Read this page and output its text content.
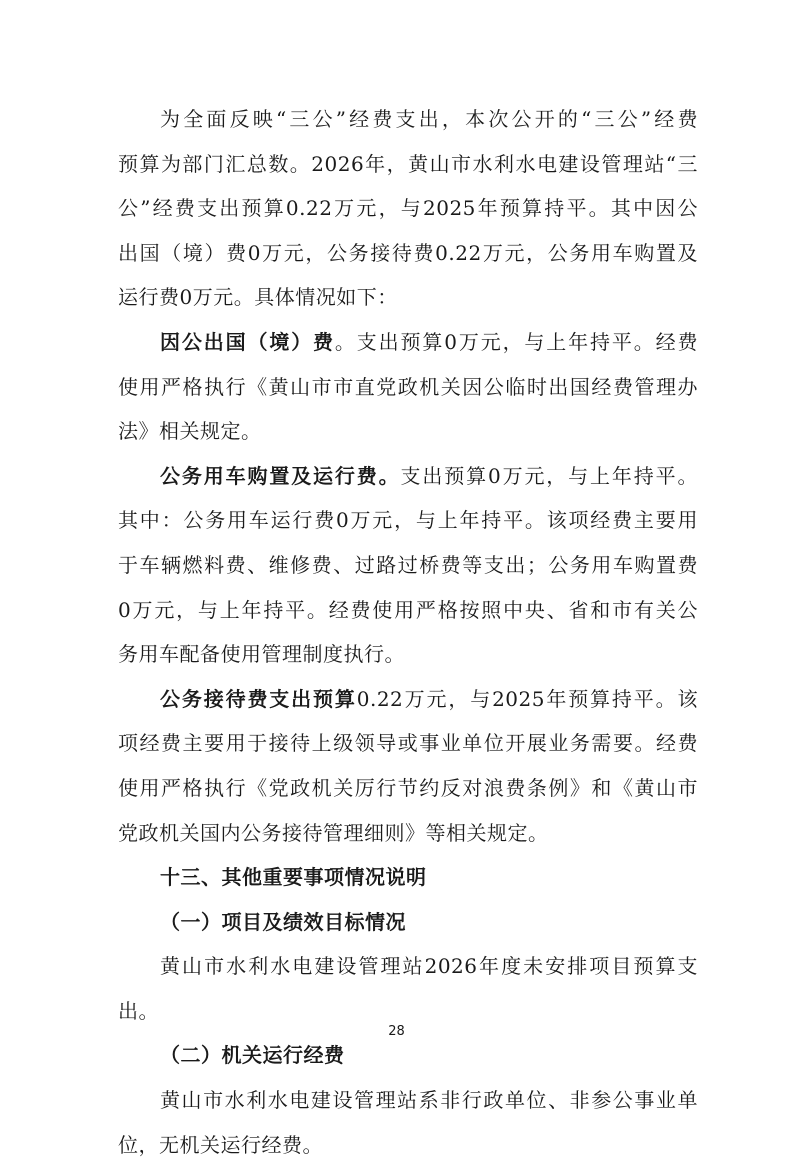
为全面反映“三公”经费支出，本次公开的“三公”经费
预算为部门汇总数。2026年，黄山市水利水电建设管理站“三
公”经费支出预算0.22万元，与2025年预算持平。其中因公
出国（境）费0万元，公务接待费0.22万元，公务用车购置及
运行费0万元。具体情况如下：
因公出国（境）费。支出预算0万元，与上年持平。经费
使用严格执行《黄山市市直党政机关因公临时出国经费管理办
法》相关规定。
公务用车购置及运行费。支出预算0万元，与上年持平。
其中：公务用车运行费0万元，与上年持平。该项经费主要用
于车辆燃料费、维修费、过路过桥费等支出；公务用车购置费
0万元，与上年持平。经费使用严格按照中央、省和市有关公
务用车配备使用管理制度执行。
公务接待费支出预算0.22万元，与2025年预算持平。该
项经费主要用于接待上级领导或事业单位开展业务需要。经费
使用严格执行《党政机关厉行节约反对浪费条例》和《黄山市
党政机关国内公务接待管理细则》等相关规定。
十三、其他重要事项情况说明
（一）项目及绩效目标情况
黄山市水利水电建设管理站2026年度未安排项目预算支
出。
（二）机关运行经费
黄山市水利水电建设管理站系非行政单位、非参公事业单
位，无机关运行经费。
28
